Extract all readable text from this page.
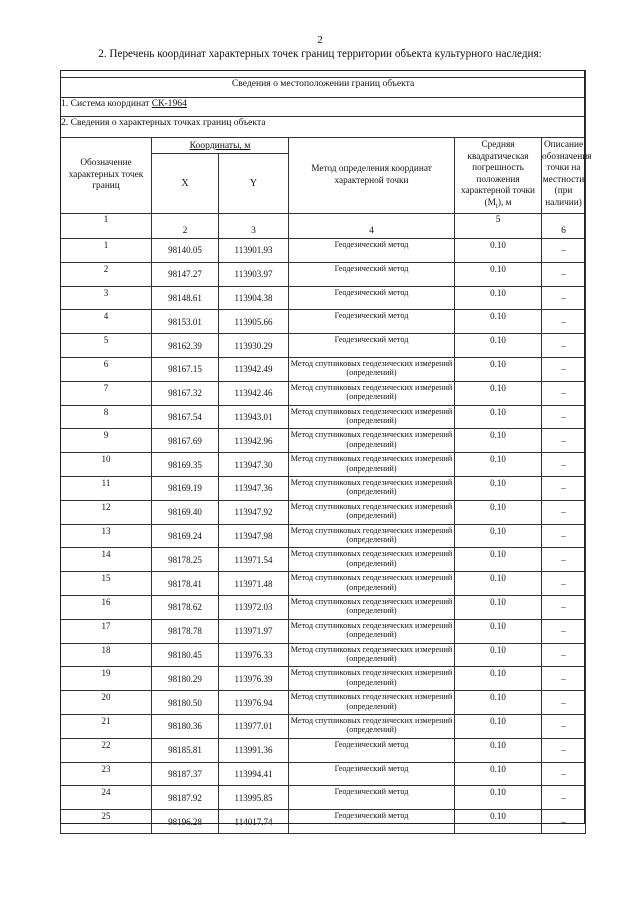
2
2. Перечень координат характерных точек границ территории объекта культурного наследия:

Сведения о местоположении границ объекта					
1. Система координат СК-1964					
2. Сведения о характерных точках границ объекта					
Обозначение характерных точек границ	Координаты, м		Метод определения координат характерной точки	Средняя квадратическая погрешность положения характерной точки $(M_t)$, м	Описание обозначения точки на местности (при наличии)
	X	Y			
1	2	3	4	5	6
1	98140.05	113901.93	Геодезический метод	0.10	–
2	98147.27	113903.97	Геодезический метод	0.10	–
3	98148.61	113904.38	Геодезический метод	0.10	–
4	98153.01	113905.66	Геодезический метод	0.10	–
5	98162.39	113930.29	Геодезический метод	0.10	–
6	98167.15	113942.49	Метод спутниковых геодезических измерений (определений)	0.10	–
7	98167.32	113942.46	Метод спутниковых геодезических измерений (определений)	0.10	–
8	98167.54	113943.01	Метод спутниковых геодезических измерений (определений)	0.10	–
9	98167.69	113942.96	Метод спутниковых геодезических измерений (определений)	0.10	–
10	98169.35	113947.30	Метод спутниковых геодезических измерений (определений)	0.10	–
11	98169.19	113947.36	Метод спутниковых геодезических измерений (определений)	0.10	–
12	98169.40	113947.92	Метод спутниковых геодезических измерений (определений)	0.10	–
13	98169.24	113947.98	Метод спутниковых геодезических измерений (определений)	0.10	–
14	98178.25	113971.54	Метод спутниковых геодезических измерений (определений)	0.10	–
15	98178.41	113971.48	Метод спутниковых геодезических измерений (определений)	0.10	–
16	98178.62	113972.03	Метод спутниковых геодезических измерений (определений)	0.10	–
17	98178.78	113971.97	Метод спутниковых геодезических измерений (определений)	0.10	–
18	98180.45	113976.33	Метод спутниковых геодезических измерений (определений)	0.10	–
19	98180.29	113976.39	Метод спутниковых геодезических измерений (определений)	0.10	–
20	98180.50	113976.94	Метод спутниковых геодезических измерений (определений)	0.10	–
21	98180.36	113977.01	Метод спутниковых геодезических измерений (определений)	0.10	–
22	98185.81	113991.36	Геодезический метод	0.10	–
23	98187.37	113994.41	Геодезический метод	0.10	–
24	98187.92	113995.85	Геодезический метод	0.10	–
25	98196.28	114017.74	Геодезический метод	0.10	–
